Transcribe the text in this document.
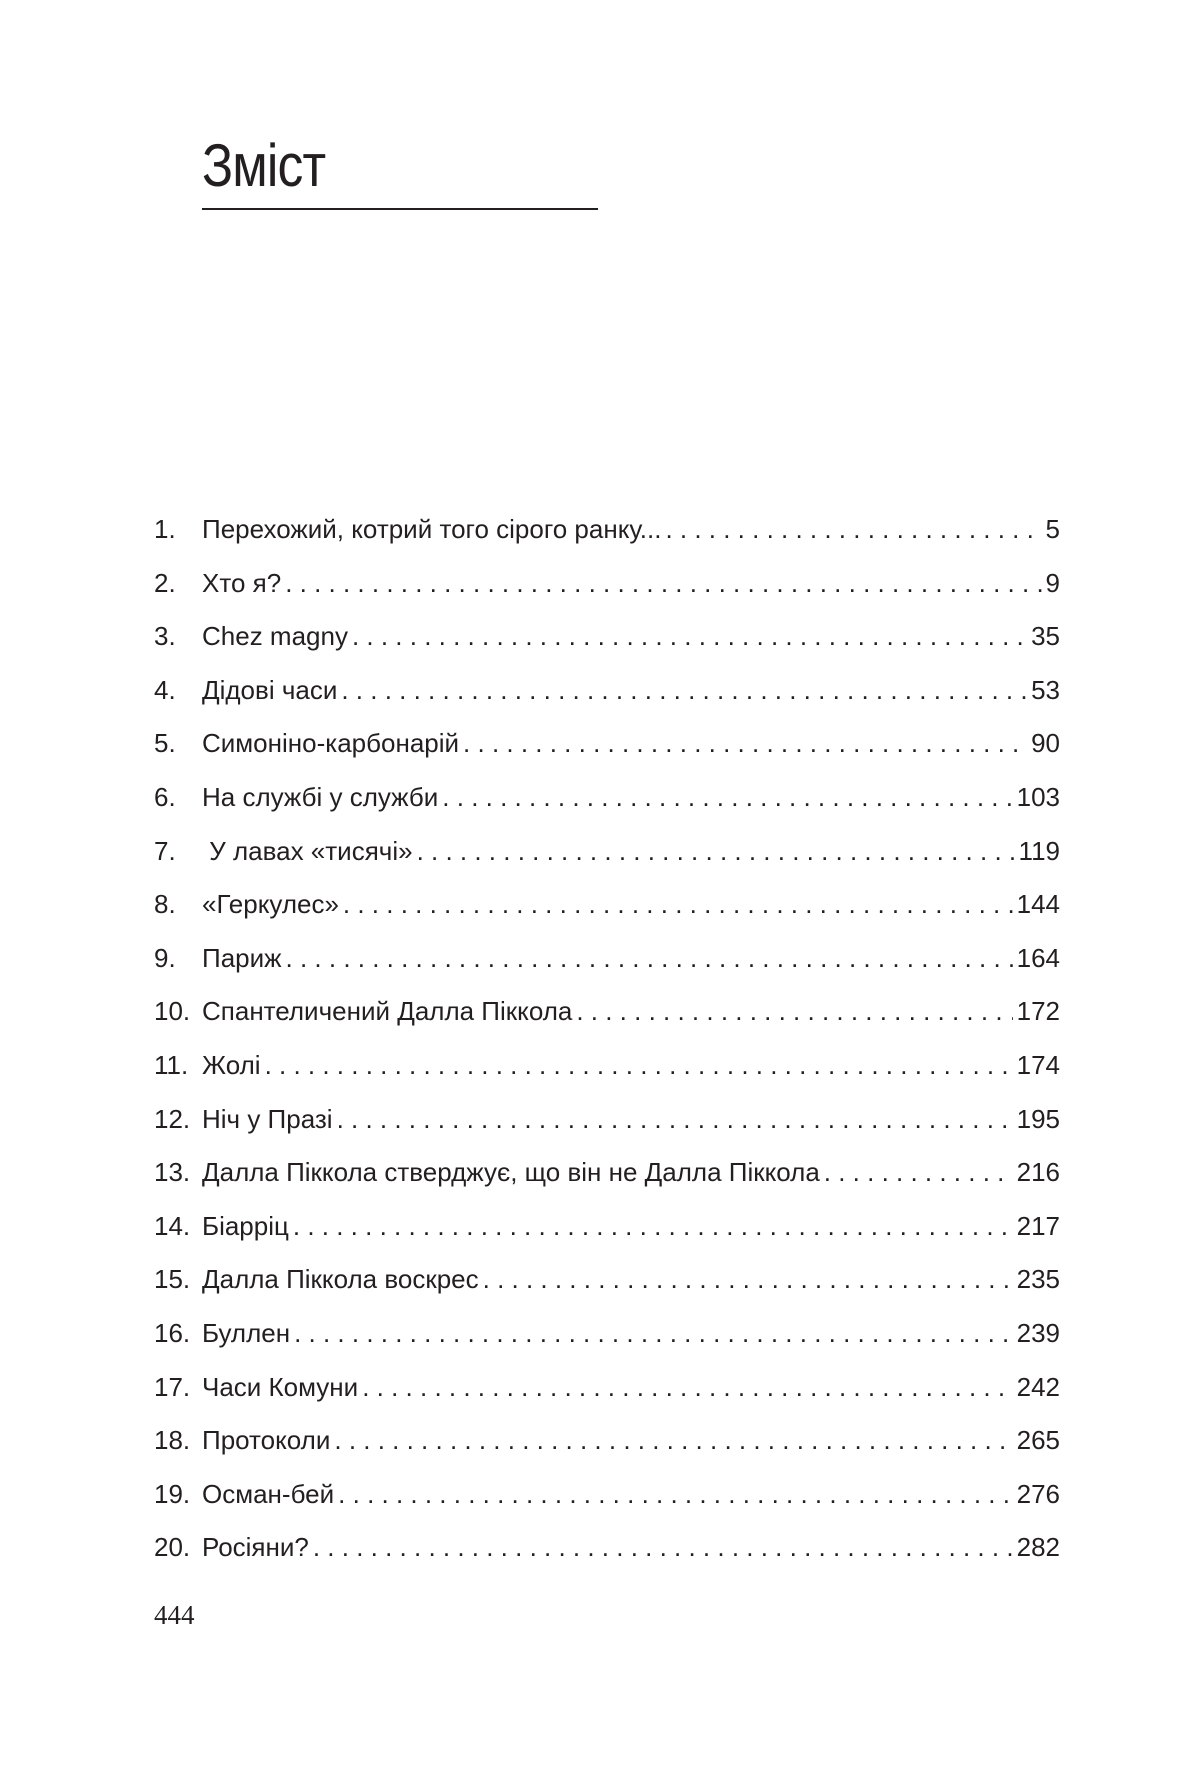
Зміст
1.	Перехожий, котрий того сірого ранку... . . .	5
2.	Хто я? . . .	9
3.	Chez magny . . .	35
4.	Дідові часи . . .	53
5.	Симоніно-карбонарій . . .	90
6.	На службі у служби . . .	103
7.	У лавах «тисячі» . . .	119
8.	«Геркулес» . . .	144
9.	Париж . . .	164
10. Спантеличений Далла Піккола . . .	172
11. Жолі . . .	174
12. Ніч у Празі . . .	195
13. Далла Піккола стверджує, що він не Далла Піккола . . .	216
14. Біарріц . . .	217
15. Далла Піккола воскрес . . .	235
16. Буллен . . .	239
17. Часи Комуни . . .	242
18. Протоколи . . .	265
19. Осман-бей . . .	276
20. Росіяни? . . .	282
444
